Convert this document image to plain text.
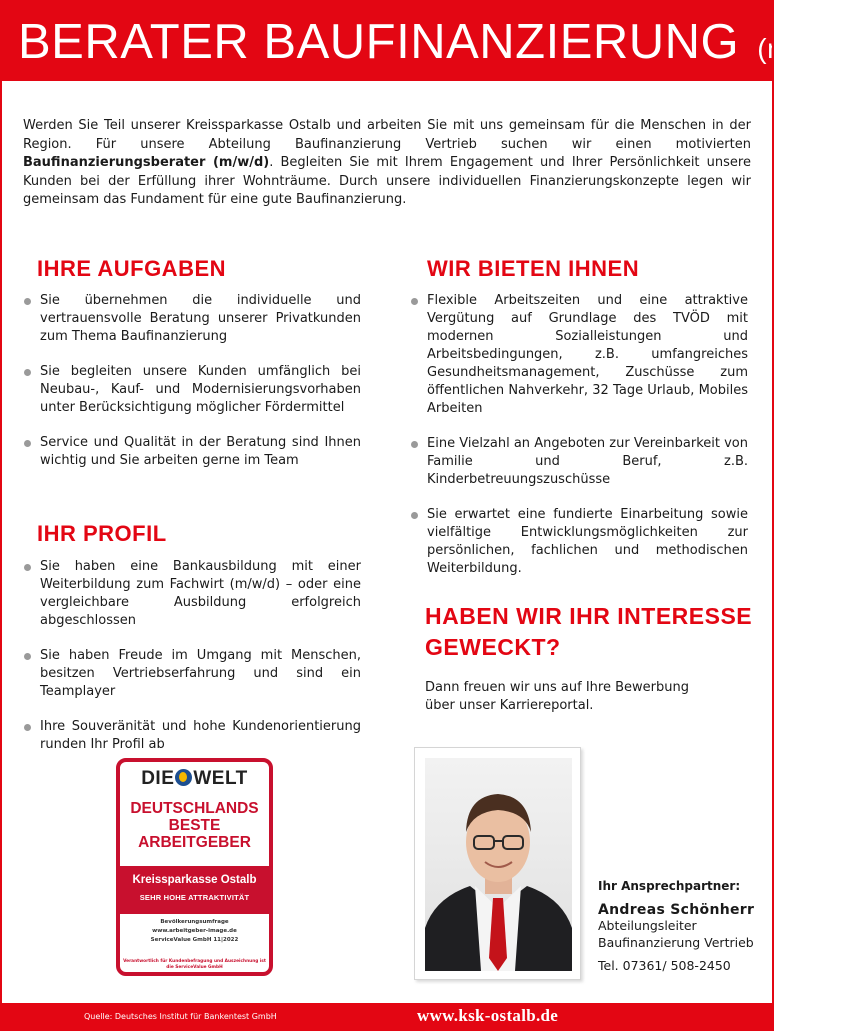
BERATER BAUFINANZIERUNG (m/w/d)

Werden Sie Teil unserer Kreissparkasse Ostalb und arbeiten Sie mit uns gemeinsam für die Menschen in der Region. Für unsere Abteilung Baufinanzierung Vertrieb suchen wir einen motivierten Baufinanzierungsberater (m/w/d). Begleiten Sie mit Ihrem Engagement und Ihrer Persönlichkeit unsere Kunden bei der Erfüllung ihrer Wohnträume. Durch unsere individuellen Finanzierungskonzepte legen wir gemeinsam das Fundament für eine gute Baufinanzierung.

IHRE AUFGABEN
Sie übernehmen die individuelle und vertrauensvolle Beratung unserer Privatkunden zum Thema Baufinanzierung
Sie begleiten unsere Kunden umfänglich bei Neubau-, Kauf- und Modernisierungsvorhaben unter Berücksichtigung möglicher Fördermittel
Service und Qualität in der Beratung sind Ihnen wichtig und Sie arbeiten gerne im Team
IHR PROFIL
Sie haben eine Bankausbildung mit einer Weiterbildung zum Fachwirt (m/w/d) – oder eine vergleichbare Ausbildung erfolgreich abgeschlossen
Sie haben Freude im Umgang mit Menschen, besitzen Vertriebserfahrung und sind ein Teamplayer
Ihre Souveränität und hohe Kundenorientierung runden Ihr Profil ab
WIR BIETEN IHNEN
Flexible Arbeitszeiten und eine attraktive Vergütung auf Grundlage des TVÖD mit modernen Sozialleistungen und Arbeitsbedingungen, z.B. umfangreiches Gesundheitsmanagement, Zuschüsse zum öffentlichen Nahverkehr, 32 Tage Urlaub, Mobiles Arbeiten
Eine Vielzahl an Angeboten zur Vereinbarkeit von Familie und Beruf, z.B. Kinderbetreuungszuschüsse
Sie erwartet eine fundierte Einarbeitung sowie vielfältige Entwicklungsmöglichkeiten zur persönlichen, fachlichen und methodischen Weiterbildung.
HABEN WIR IHR INTERESSE GEWECKT?

Dann freuen wir uns auf Ihre Bewerbung
über unser Karriereportal.

DIE WELT
DEUTSCHLANDS
BESTE
ARBEITGEBER
Kreissparkasse Ostalb
SEHR HOHE ATTRAKTIVITÄT
Bevölkerungsumfrage
www.arbeitgeber-image.de
ServiceValue GmbH 11|2022
Verantwortlich für Kundenbefragung und Auszeichnung ist die ServiceValue GmbH
Ihr Ansprechpartner:
Andreas Schönherr
Abteilungsleiter
Baufinanzierung Vertrieb
Tel. 07361/ 508-2450
Quelle: Deutsches Institut für Bankentest GmbH	www.ksk-ostalb.de
